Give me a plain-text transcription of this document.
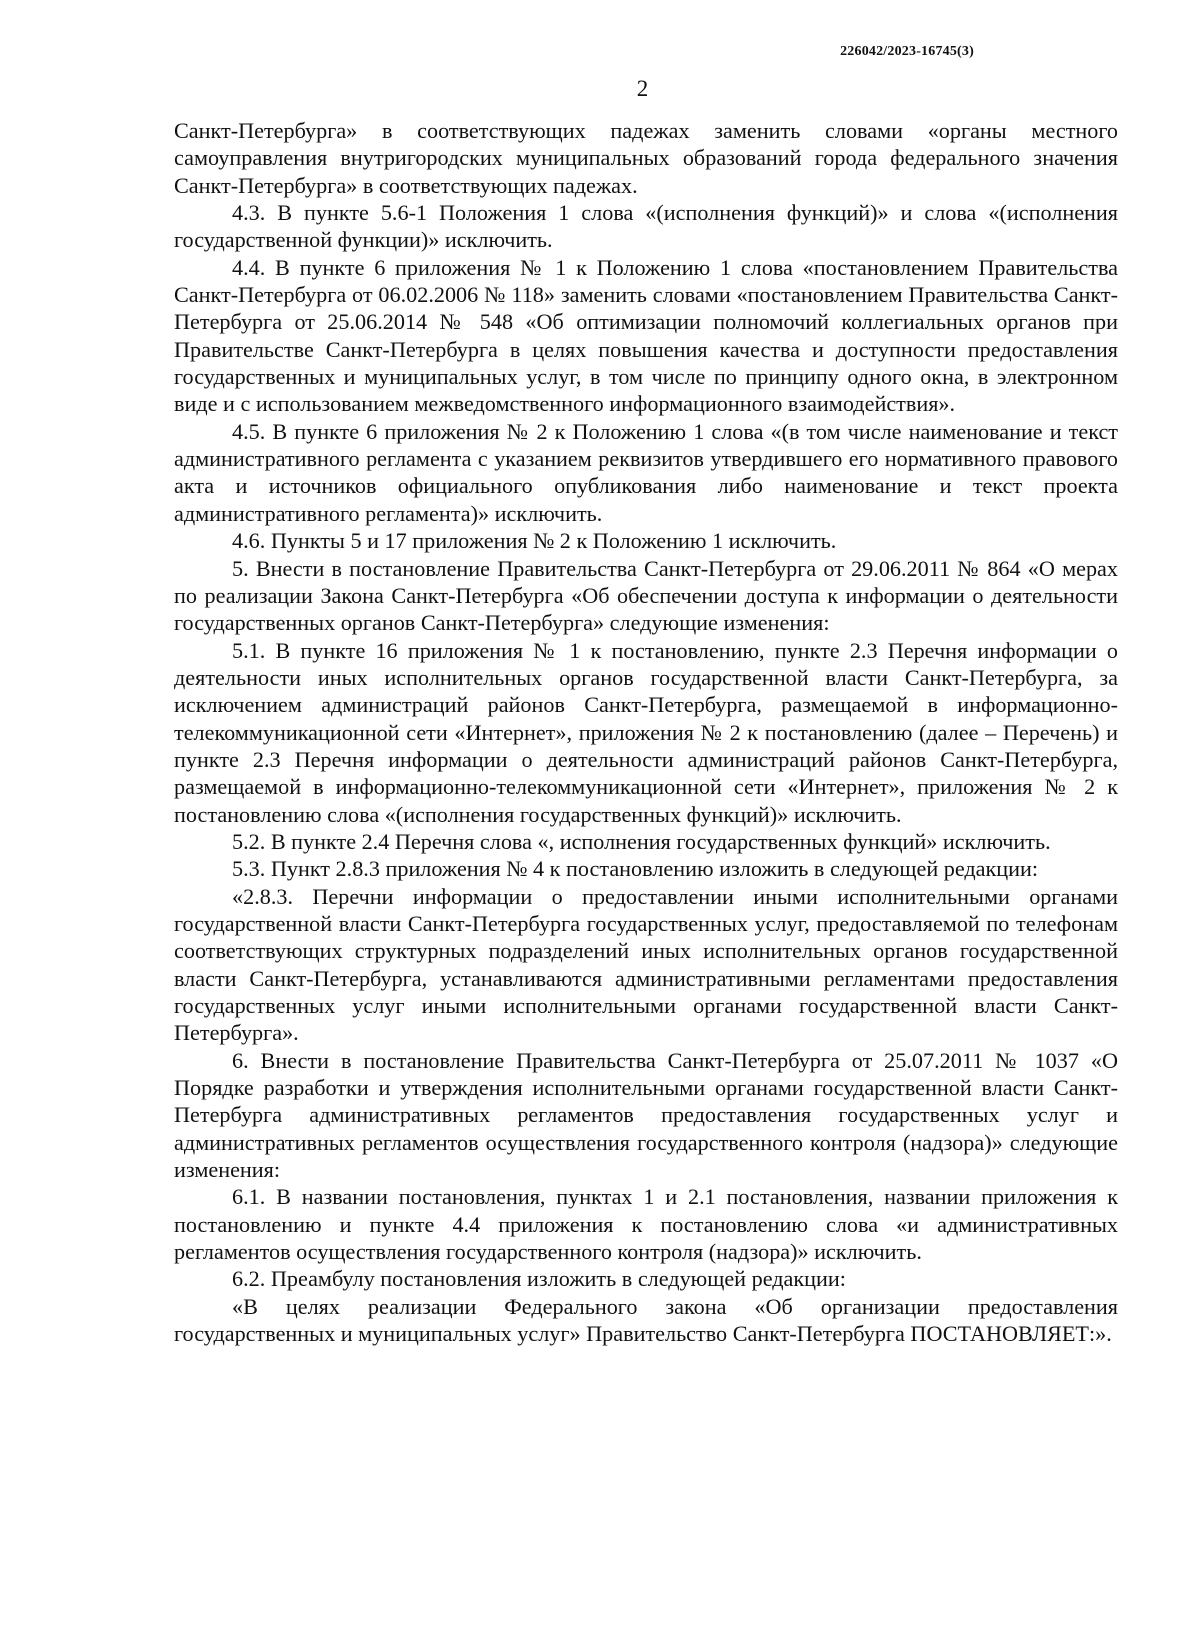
226042/2023-16745(3)
2

Санкт-Петербурга» в соответствующих падежах заменить словами «органы местного самоуправления внутригородских муниципальных образований города федерального значения Санкт-Петербурга» в соответствующих падежах.

4.3. В пункте 5.6-1 Положения 1 слова «(исполнения функций)» и слова «(исполнения государственной функции)» исключить.

4.4. В пункте 6 приложения № 1 к Положению 1 слова «постановлением Правительства Санкт-Петербурга от 06.02.2006 № 118» заменить словами «постановлением Правительства Санкт-Петербурга от 25.06.2014 № 548 «Об оптимизации полномочий коллегиальных органов при Правительстве Санкт-Петербурга в целях повышения качества и доступности предоставления государственных и муниципальных услуг, в том числе по принципу одного окна, в электронном виде и с использованием межведомственного информационного взаимодействия».

4.5. В пункте 6 приложения № 2 к Положению 1 слова «(в том числе наименование и текст административного регламента с указанием реквизитов утвердившего его нормативного правового акта и источников официального опубликования либо наименование и текст проекта административного регламента)» исключить.

4.6. Пункты 5 и 17 приложения № 2 к Положению 1 исключить.

5. Внести в постановление Правительства Санкт-Петербурга от 29.06.2011 № 864 «О мерах по реализации Закона Санкт-Петербурга «Об обеспечении доступа к информации о деятельности государственных органов Санкт-Петербурга» следующие изменения:

5.1. В пункте 16 приложения № 1 к постановлению, пункте 2.3 Перечня информации о деятельности иных исполнительных органов государственной власти Санкт-Петербурга, за исключением администраций районов Санкт-Петербурга, размещаемой в информационно-телекоммуникационной сети «Интернет», приложения № 2 к постановлению (далее – Перечень) и пункте 2.3 Перечня информации о деятельности администраций районов Санкт-Петербурга, размещаемой в информационно-телекоммуникационной сети «Интернет», приложения № 2 к постановлению слова «(исполнения государственных функций)» исключить.

5.2. В пункте 2.4 Перечня слова «, исполнения государственных функций» исключить.

5.3. Пункт 2.8.3 приложения № 4 к постановлению изложить в следующей редакции:

«2.8.3. Перечни информации о предоставлении иными исполнительными органами государственной власти Санкт-Петербурга государственных услуг, предоставляемой по телефонам соответствующих структурных подразделений иных исполнительных органов государственной власти Санкт-Петербурга, устанавливаются административными регламентами предоставления государственных услуг иными исполнительными органами государственной власти Санкт-Петербурга».

6. Внести в постановление Правительства Санкт-Петербурга от 25.07.2011 № 1037 «О Порядке разработки и утверждения исполнительными органами государственной власти Санкт-Петербурга административных регламентов предоставления государственных услуг и административных регламентов осуществления государственного контроля (надзора)» следующие изменения:

6.1. В названии постановления, пунктах 1 и 2.1 постановления, названии приложения к постановлению и пункте 4.4 приложения к постановлению слова «и административных регламентов осуществления государственного контроля (надзора)» исключить.

6.2. Преамбулу постановления изложить в следующей редакции:

«В целях реализации Федерального закона «Об организации предоставления государственных и муниципальных услуг» Правительство Санкт-Петербурга ПОСТАНОВЛЯЕТ:».
